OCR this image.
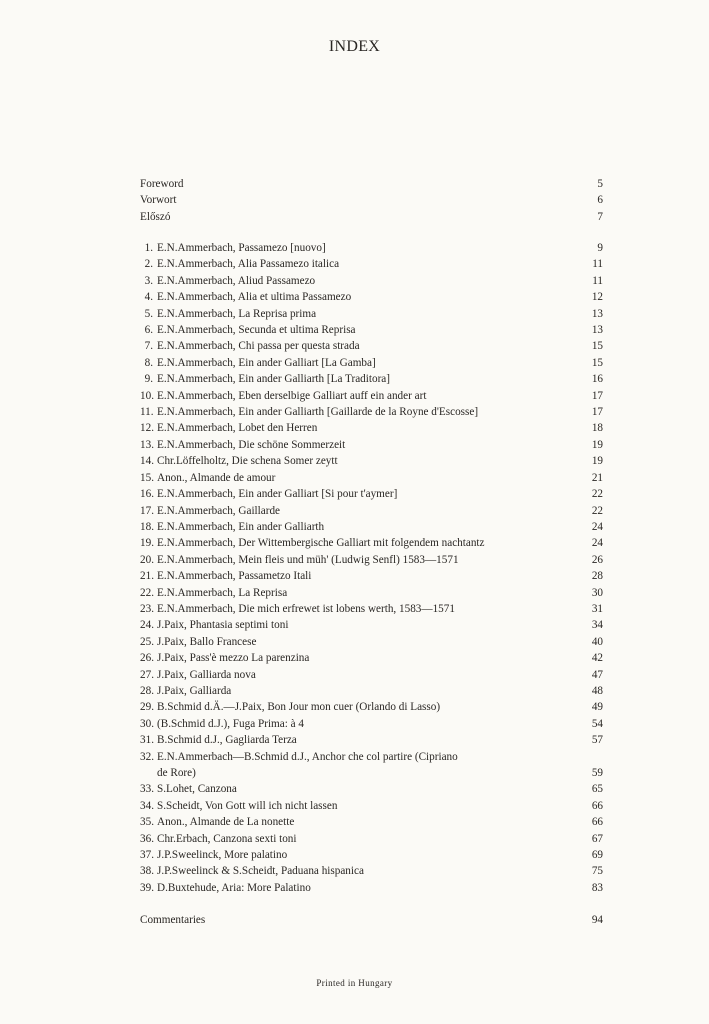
INDEX
Foreword	5
Vorwort	6
Előszó	7
1. E.N.Ammerbach, Passamezo [nuovo]	9
2. E.N.Ammerbach, Alia Passamezo italica	11
3. E.N.Ammerbach, Aliud Passamezo	11
4. E.N.Ammerbach, Alia et ultima Passamezo	12
5. E.N.Ammerbach, La Reprisa prima	13
6. E.N.Ammerbach, Secunda et ultima Reprisa	13
7. E.N.Ammerbach, Chi passa per questa strada	15
8. E.N.Ammerbach, Ein ander Galliart [La Gamba]	15
9. E.N.Ammerbach, Ein ander Galliarth [La Traditora]	16
10. E.N.Ammerbach, Eben derselbige Galliart auff ein ander art	17
11. E.N.Ammerbach, Ein ander Galliarth [Gaillarde de la Royne d'Escosse]	17
12. E.N.Ammerbach, Lobet den Herren	18
13. E.N.Ammerbach, Die schöne Sommerzeit	19
14. Chr.Löffelholtz, Die schena Somer zeytt	19
15. Anon., Almande de amour	21
16. E.N.Ammerbach, Ein ander Galliart [Si pour t'aymer]	22
17. E.N.Ammerbach, Gaillarde	22
18. E.N.Ammerbach, Ein ander Galliarth	24
19. E.N.Ammerbach, Der Wittembergische Galliart mit folgendem nachtantz	24
20. E.N.Ammerbach, Mein fleis und müh' (Ludwig Senfl) 1583—1571	26
21. E.N.Ammerbach, Passametzo Itali	28
22. E.N.Ammerbach, La Reprisa	30
23. E.N.Ammerbach, Die mich erfrewet ist lobens werth, 1583—1571	31
24. J.Paix, Phantasia septimi toni	34
25. J.Paix, Ballo Francese	40
26. J.Paix, Pass'è mezzo La parenzina	42
27. J.Paix, Galliarda nova	47
28. J.Paix, Galliarda	48
29. B.Schmid d.Ä.—J.Paix, Bon Jour mon cuer (Orlando di Lasso)	49
30. (B.Schmid d.J.), Fuga Prima: à 4	54
31. B.Schmid d.J., Gagliarda Terza	57
32. E.N.Ammerbach—B.Schmid d.J., Anchor che col partire (Cipriano
de Rore)	59
33. S.Lohet, Canzona	65
34. S.Scheidt, Von Gott will ich nicht lassen	66
35. Anon., Almande de La nonette	66
36. Chr.Erbach, Canzona sexti toni	67
37. J.P.Sweelinck, More palatino	69
38. J.P.Sweelinck & S.Scheidt, Paduana hispanica	75
39. D.Buxtehude, Aria: More Palatino	83
Commentaries	94
Printed in Hungary
